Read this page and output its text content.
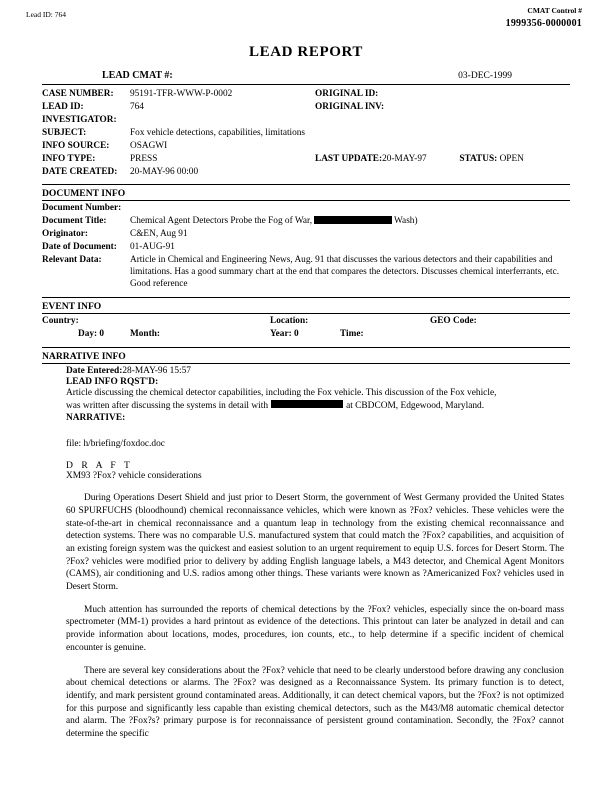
Lead ID: 764	CMAT Control #
1999356-0000001
LEAD REPORT
LEAD CMAT #:	03-DEC-1999
CASE NUMBER:	95191-TFR-WWW-P-0002	ORIGINAL ID:	
LEAD ID:	764	ORIGINAL INV:	
INVESTIGATOR:			
SUBJECT:	Fox vehicle detections, capabilities, limitations		
INFO SOURCE:	OSAGWI		
INFO TYPE:	PRESS	LAST UPDATE:20-MAY-97 STATUS: OPEN	
DATE CREATED:	20-MAY-96 00:00		
DOCUMENT INFO
Document Number:	
Document Title:	Chemical Agent Detectors Probe the Fog of War, Wash)
Originator:	C&EN, Aug 91
Date of Document:	01-AUG-91
Relevant Data:	Article in Chemical and Engineering News, Aug. 91 that discusses the various detectors and their capabilities and limitations. Has a good summary chart at the end that compares the detectors. Discusses chemical interferrants, etc. Good reference
EVENT INFO
Country:		Location:		GEO Code:
Day: 0	Month:	Year: 0	Time:	
NARRATIVE INFO
Date Entered:28-MAY-96 15:57
LEAD INFO RQST'D:
Article discussing the chemical detector capabilities, including the Fox vehicle. This discussion of the Fox vehicle,
was written after discussing the systems in detail with	at CBDCOM, Edgewood, Maryland.
NARRATIVE:
file: h/briefing/foxdoc.doc
D R A F T
XM93 ?Fox? vehicle considerations

During Operations Desert Shield and just prior to Desert Storm, the government of West Germany provided the United States 60 SPURFUCHS (bloodhound) chemical reconnaissance vehicles, which were known as ?Fox? vehicles. These vehicles were the state-of-the-art in chemical reconnaissance and a quantum leap in technology from the existing chemical reconnaissance and detection systems. There was no comparable U.S. manufactured system that could match the ?Fox? capabilities, and acquisition of an existing foreign system was the quickest and easiest solution to an urgent requirement to equip U.S. forces for Desert Storm. The ?Fox? vehicles were modified prior to delivery by adding English language labels, a M43 detector, and Chemical Agent Monitors (CAMS), air conditioning and U.S. radios among other things. These variants were known as ?Americanized Fox? vehicles used in Desert Storm.

Much attention has surrounded the reports of chemical detections by the ?Fox? vehicles, especially since the on-board mass spectrometer (MM-1) provides a hard printout as evidence of the detections. This printout can later be analyzed in detail and can provide information about locations, modes, procedures, ion counts, etc., to help determine if a specific incident of chemical encounter is genuine.

There are several key considerations about the ?Fox? vehicle that need to be clearly understood before drawing any conclusion about chemical detections or alarms. The ?Fox? was designed as a Reconnaissance System. Its primary function is to detect, identify, and mark persistent ground contaminated areas. Additionally, it can detect chemical vapors, but the ?Fox? is not optimized for this purpose and significantly less capable than existing chemical detectors, such as the M43/M8 automatic chemical detector and alarm. The ?Fox?s? primary purpose is for reconnaissance of persistent ground contamination. Secondly, the ?Fox? cannot determine the specific
